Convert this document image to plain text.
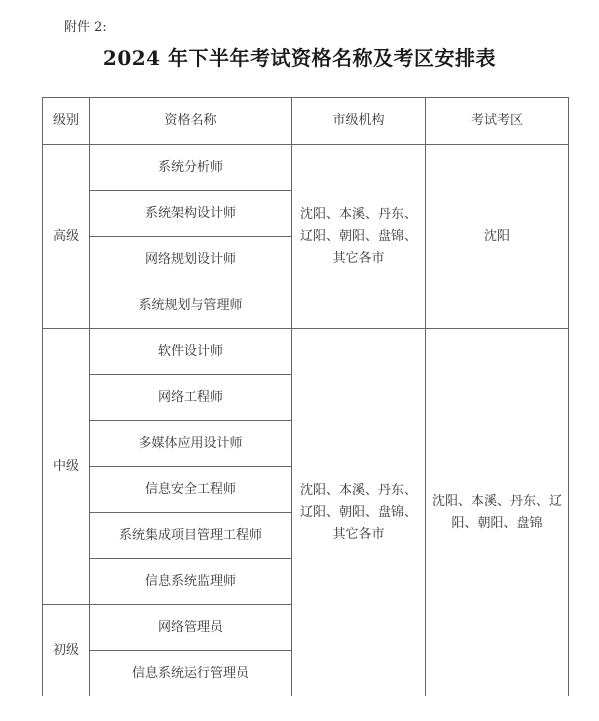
附件 2:
2024 年下半年考试资格名称及考区安排表
级别	资格名称	市级机构	考试考区
高级	系统分析师	沈阳、本溪、丹东、辽阳、朝阳、盘锦、其它各市	沈阳

	系统架构设计师		
	网络规划设计师		
	系统规划与管理师		
中级	软件设计师	沈阳、本溪、丹东、辽阳、朝阳、盘锦、其它各市	沈阳、本溪、丹东、辽阳、朝阳、盘锦

	网络工程师		
	多媒体应用设计师		
	信息安全工程师		
	系统集成项目管理工程师		
	信息系统监理师		
初级	网络管理员		
	信息系统运行管理员		
